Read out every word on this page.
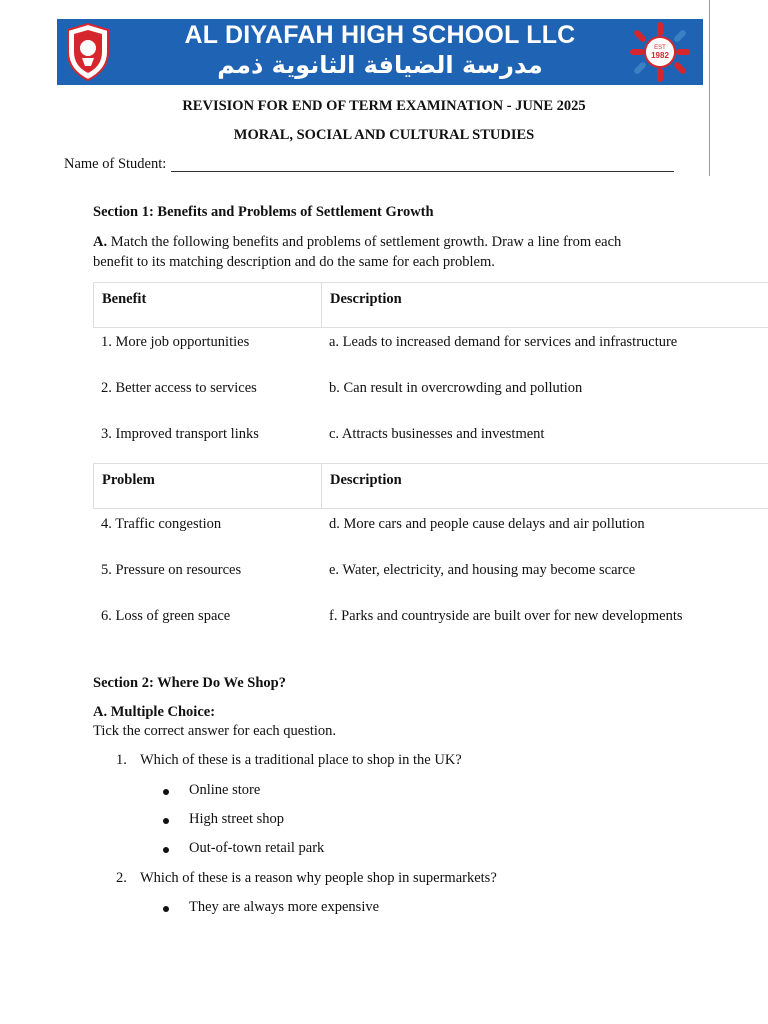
AL DIYAFAH HIGH SCHOOL LLC
مدرسة الضيافة الثانوية ذمم
EST
1982
REVISION FOR END OF TERM EXAMINATION - JUNE 2025
MORAL, SOCIAL AND CULTURAL STUDIES
Name of Student:
Section 1: Benefits and Problems of Settlement Growth
A. Match the following benefits and problems of settlement growth. Draw a line from each
benefit to its matching description and do the same for each problem.
Benefit	Description
1. More job opportunities	a. Leads to increased demand for services and infrastructure
2. Better access to services	b. Can result in overcrowding and pollution
3. Improved transport links	c. Attracts businesses and investment
Problem	Description
4. Traffic congestion	d. More cars and people cause delays and air pollution
5. Pressure on resources	e. Water, electricity, and housing may become scarce
6. Loss of green space	f. Parks and countryside are built over for new developments
Section 2: Where Do We Shop?
A. Multiple Choice:
Tick the correct answer for each question.
1. Which of these is a traditional place to shop in the UK?
Online store
High street shop
Out-of-town retail park
2. Which of these is a reason why people shop in supermarkets?
They are always more expensive
